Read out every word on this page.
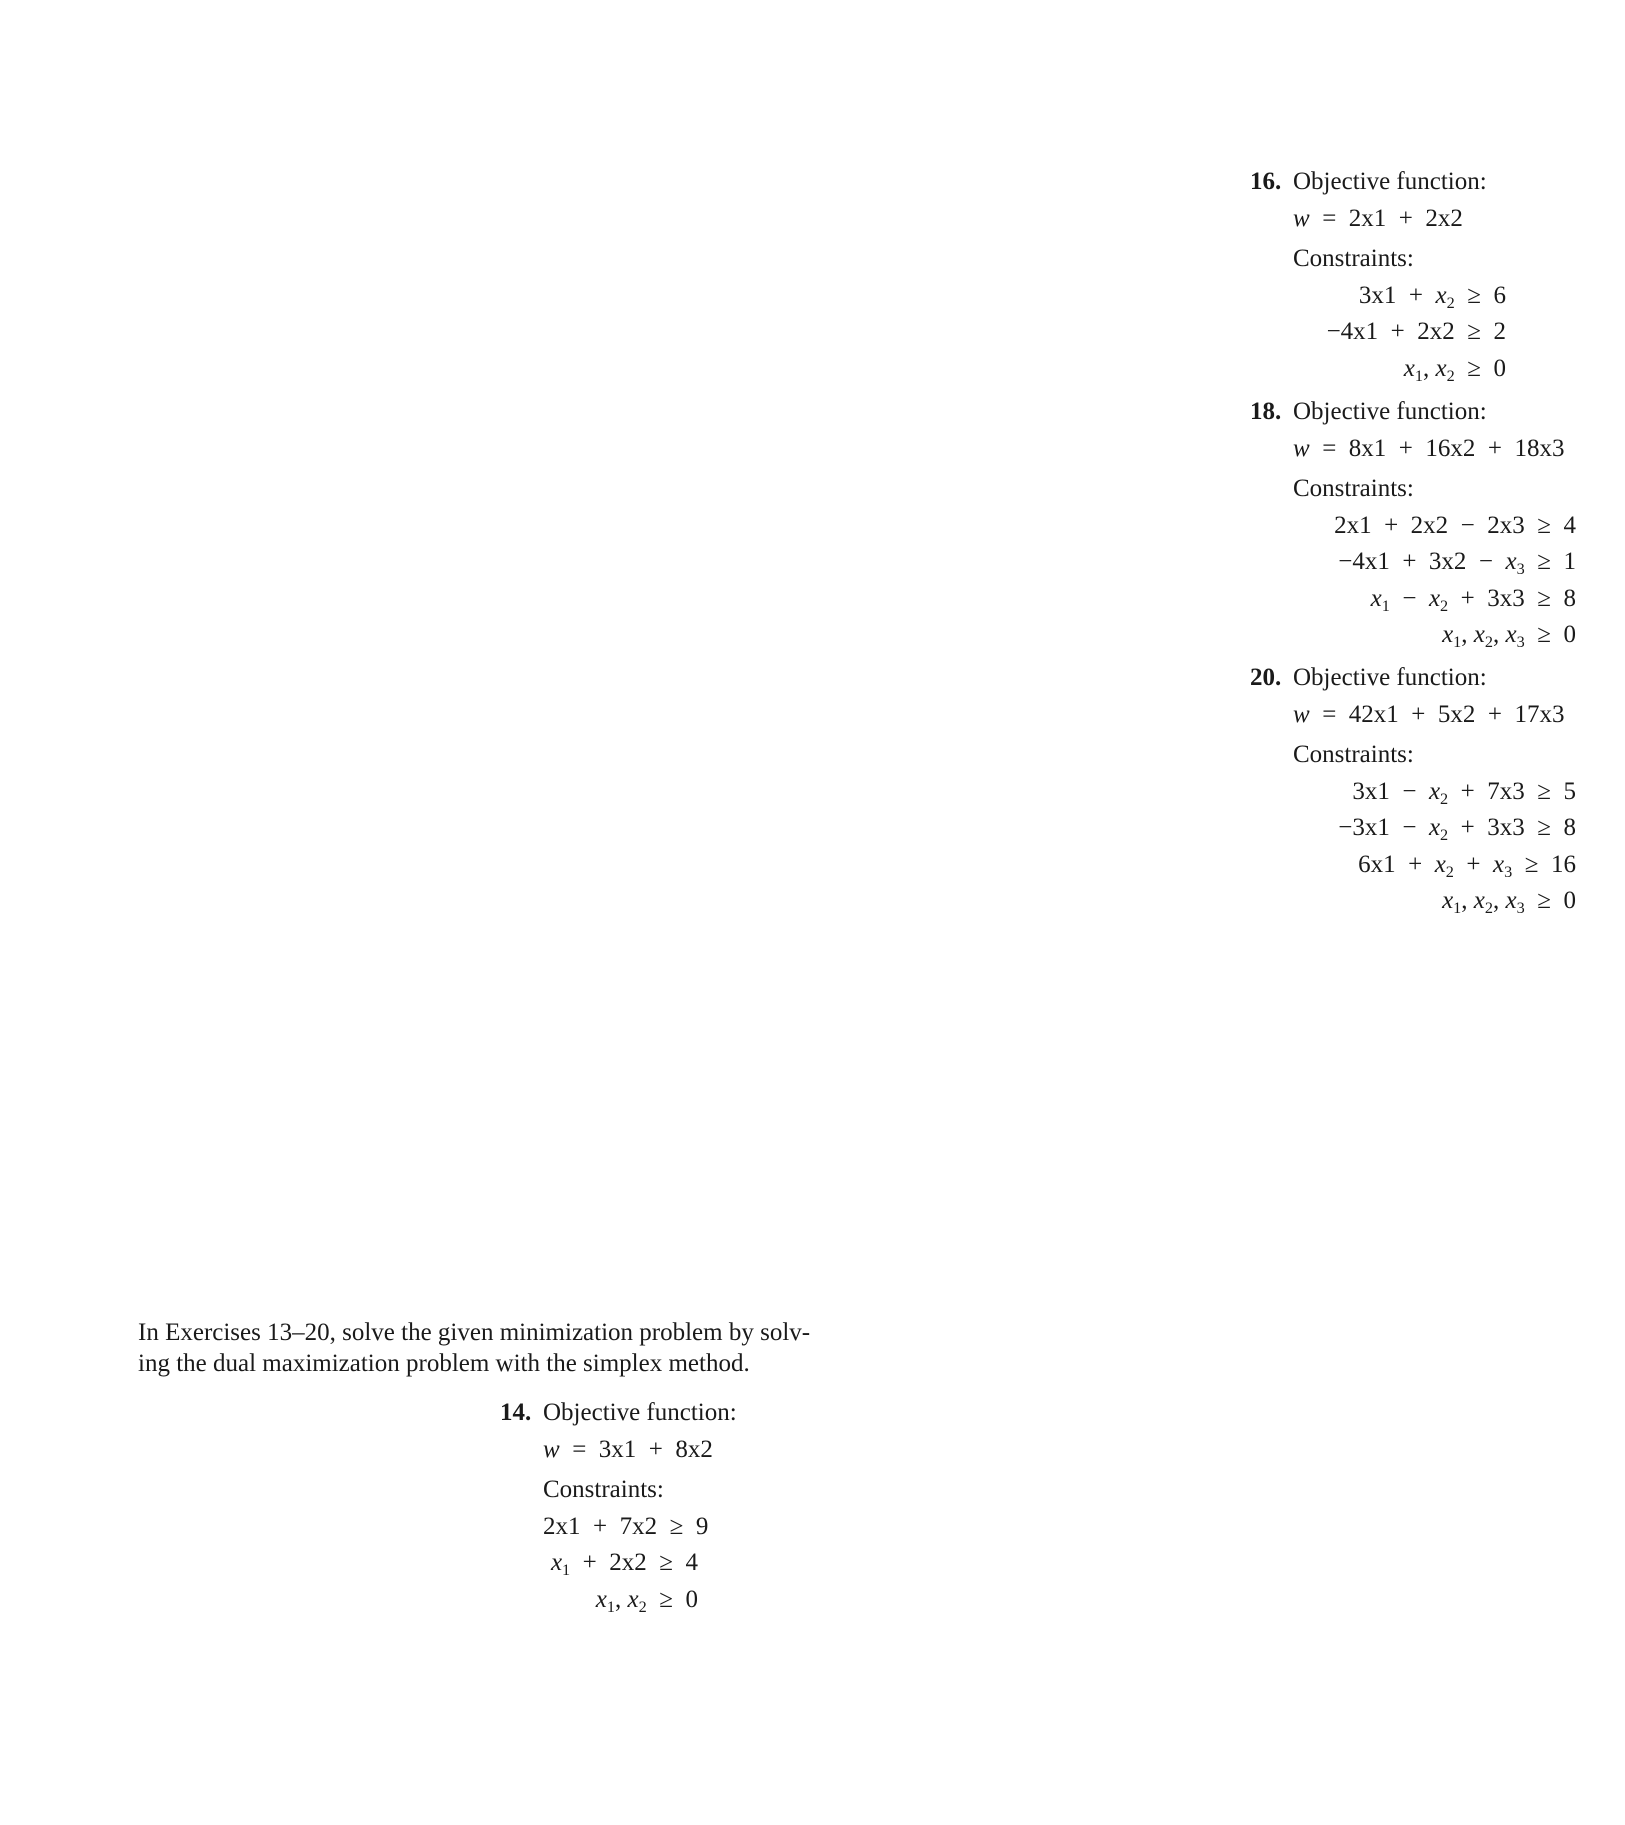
16. Objective function:
w  =  2x1  +  2x2
Constraints:
$3x1 + x_2 \ge 6$
−4x1  +  2x2  ≥  2
$x_1$, $x_2 \ge 0$
18. Objective function:
w  =  8x1  +  16x2  +  18x3
Constraints:
2x1  +  2x2  −  2x3  ≥  4
$-4x1 + 3x2 - x_3 \ge 1$
$x_1 - x_2 + 3x3 \ge 8$
$x_1$, $x_2$, $x_3 \ge 0$
20. Objective function:
w  =  42x1  +  5x2  +  17x3
Constraints:
$3x1 - x_2 + 7x3 \ge 5$
$-3x1 - x_2 + 3x3 \ge 8$
$6x1 + x_2 + x_3 \ge 16$
$x_1$, $x_2$, $x_3 \ge 0$
In Exercises 13–20, solve the given minimization problem by solv-
ing the dual maximization problem with the simplex method.
14. Objective function:
w  =  3x1  +  8x2
Constraints:
2x1  +  7x2  ≥  9
$x_1 + 2x2 \ge 4$
$x_1$, $x_2 \ge 0$
